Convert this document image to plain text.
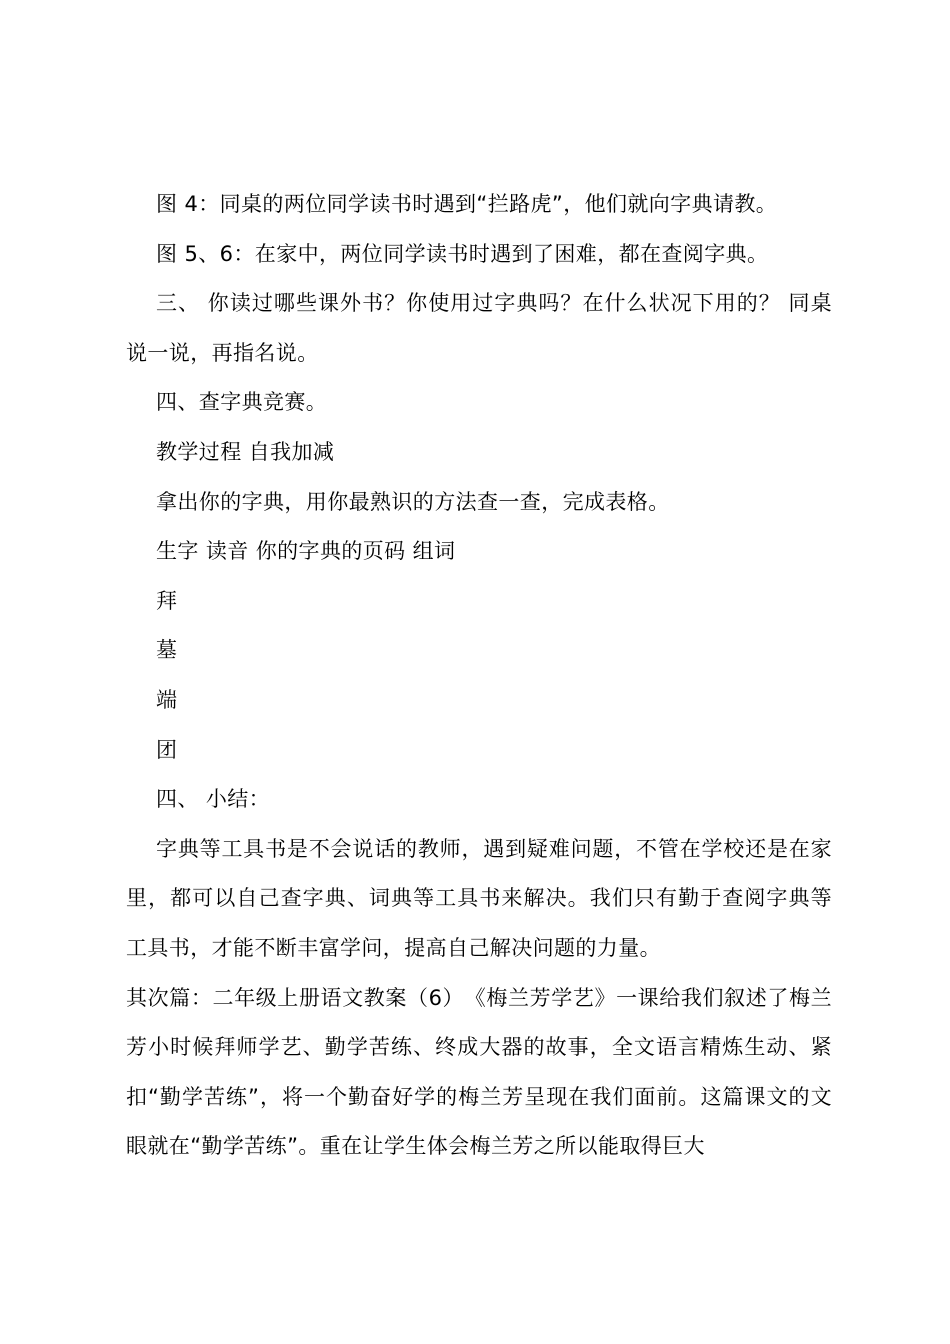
图 4：同桌的两位同学读书时遇到“拦路虎”，他们就向字典请教。

图 5、6：在家中，两位同学读书时遇到了困难，都在查阅字典。

三、 你读过哪些课外书？你使用过字典吗？在什么状况下用的？ 同桌说一说，再指名说。

四、查字典竞赛。

教学过程 自我加减

拿出你的字典，用你最熟识的方法查一查，完成表格。

生字 读音 你的字典的页码 组词

拜

墓

端

团

四、 小结：

字典等工具书是不会说话的教师，遇到疑难问题，不管在学校还是在家里，都可以自己查字典、词典等工具书来解决。我们只有勤于查阅字典等工具书，才能不断丰富学问，提高自己解决问题的力量。

其次篇：二年级上册语文教案（6）　《梅兰芳学艺》一课给我们叙述了梅兰芳小时候拜师学艺、勤学苦练、终成大器的故事，全文语言精炼生动、紧扣“勤学苦练”，将一个勤奋好学的梅兰芳呈现在我们面前。这篇课文的文眼就在“勤学苦练”。重在让学生体会梅兰芳之所以能取得巨大
